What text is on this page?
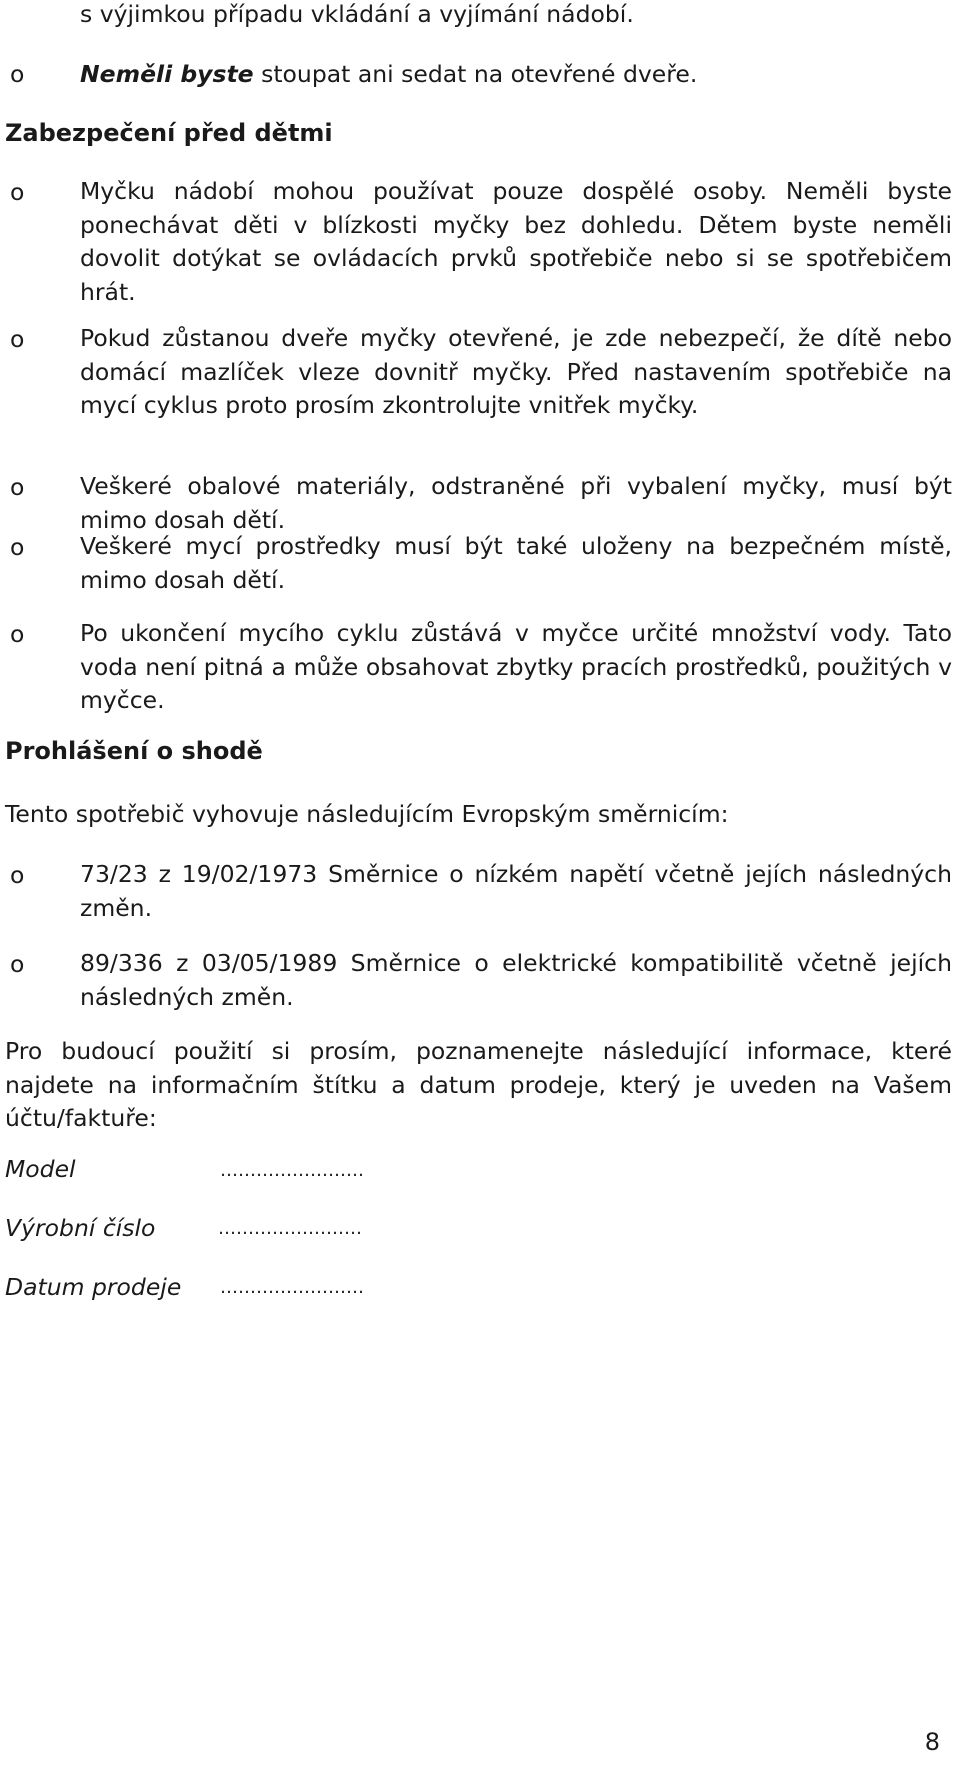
s výjimkou případu vkládání a vyjímání nádobí.
o Neměli byste stoupat ani sedat na otevřené dveře.
Zabezpečení před dětmi
o Myčku nádobí mohou používat pouze dospělé osoby. Neměli byste ponechávat děti v blízkosti myčky bez dohledu. Dětem byste neměli dovolit dotýkat se ovládacích prvků spotřebiče nebo si se spotřebičem hrát.
o Pokud zůstanou dveře myčky otevřené, je zde nebezpečí, že dítě nebo domácí mazlíček vleze dovnitř myčky. Před nastavením spotřebiče na mycí cyklus proto prosím zkontrolujte vnitřek myčky.
o Veškeré obalové materiály, odstraněné při vybalení myčky, musí být mimo dosah dětí.
o Veškeré mycí prostředky musí být také uloženy na bezpečném místě, mimo dosah dětí.
o Po ukončení mycího cyklu zůstává v myčce určité množství vody. Tato voda není pitná a může obsahovat zbytky pracích prostředků, použitých v myčce.
Prohlášení o shodě
Tento spotřebič vyhovuje následujícím Evropským směrnicím:
o 73/23 z 19/02/1973 Směrnice o nízkém napětí včetně jejích následných změn.
o 89/336 z 03/05/1989 Směrnice o elektrické kompatibilitě včetně jejích následných změn.
Pro budoucí použití si prosím, poznamenejte následující informace, které najdete na informačním štítku a datum prodeje, který je uveden na Vašem účtu/faktuře:
Model	……………………
Výrobní číslo	……………………
Datum prodeje ……………………
8
